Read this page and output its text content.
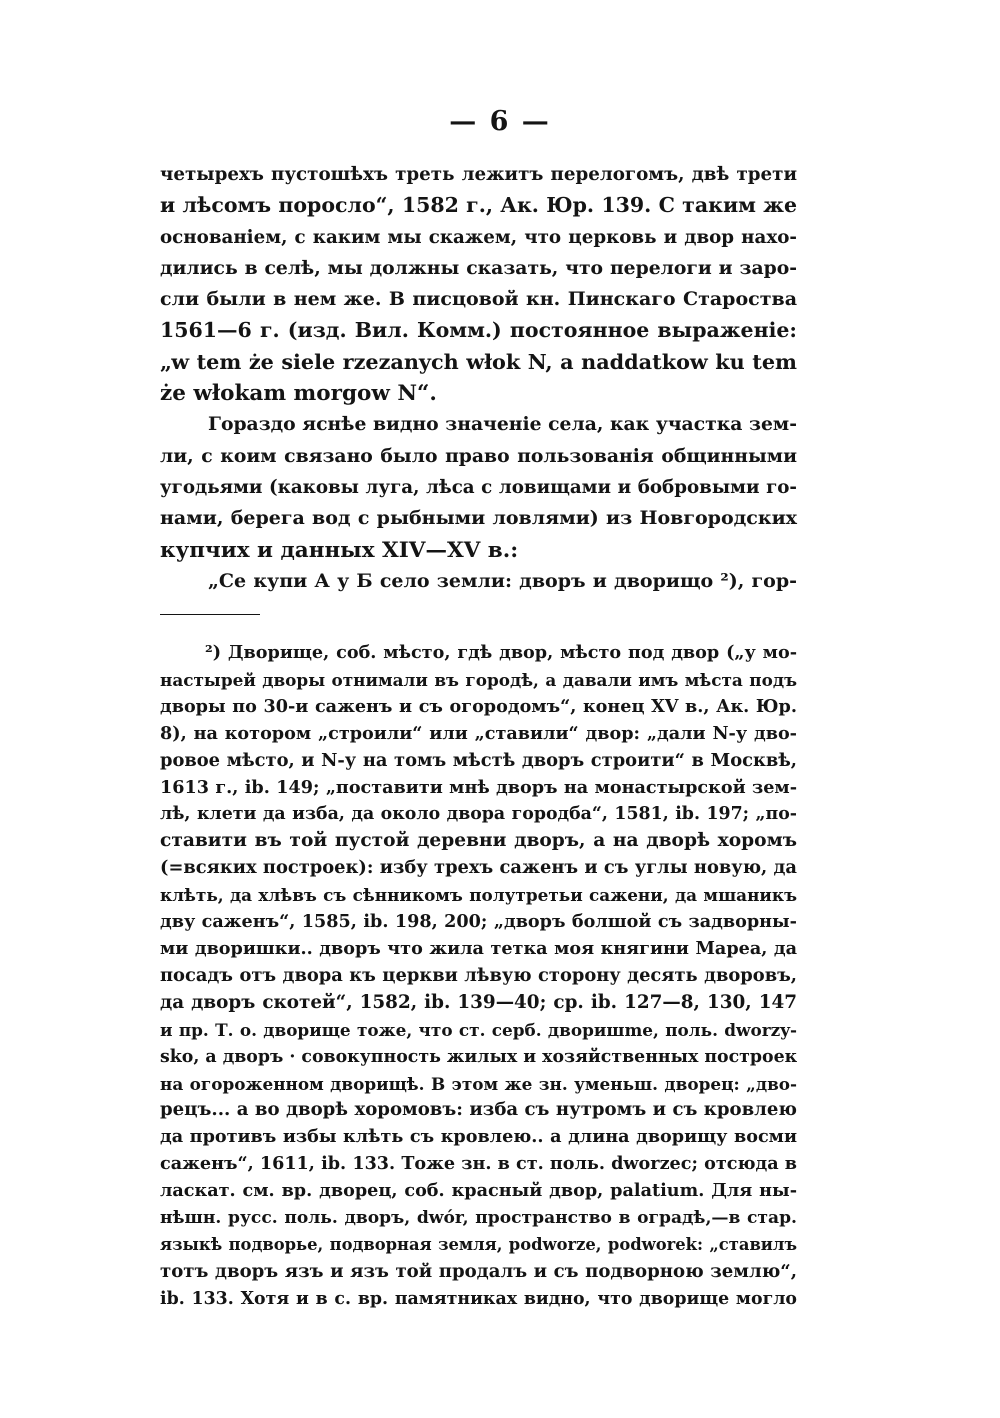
— 6 —
четырехъ пустошѣхъ треть лежитъ перелогомъ, двѣ трети
и лѣсомъ поросло“, 1582 г., Ак. Юр. 139. С таким же
основаніем, с каким мы скажем, что церковь и двор нахо-
дились в селѣ, мы должны сказать, что перелоги и заро-
сли были в нем же. В писцовой кн. Пинскаго Староства
1561—6 г. (изд. Вил. Комм.) постоянное выраженіе:
„w tem że siele rzezanych włok N, a naddatkow ku tem
że włokam morgow N“.
Гораздо яснѣе видно значеніе села, как участка зем-
ли, с коим связано было право пользованія общинными
угодьями (каковы луга, лѣса с ловищами и бобровыми го-
нами, берега вод с рыбными ловлями) из Новгородских
купчих и данных XIV—XV в.:
„Се купи А у Б село земли: дворъ и дворищо ²), гор-
²) Дворище, соб. мѣсто, гдѣ двор, мѣсто под двор („у мо-
настырей дворы отнимали въ городѣ, а давали имъ мѣста подъ
дворы по 30-и саженъ и съ огородомъ“, конец XV в., Ак. Юр.
8), на котором „строили“ или „ставили“ двор: „дали N-у дво-
ровое мѣсто, и N-у на томъ мѣстѣ дворъ строити“ в Москвѣ,
1613 г., ib. 149; „поставити мнѣ дворъ на монастырской зем-
лѣ, клети да изба, да около двора городба“, 1581, ib. 197; „по-
ставити въ той пустой деревни дворъ, а на дворѣ хоромъ
(=всяких построек): избу трехъ саженъ и съ углы новую, да
клѣть, да хлѣвъ съ сѣнникомъ полутретьи сажени, да мшаникъ
дву саженъ“, 1585, ib. 198, 200; „дворъ болшой съ задворны-
ми дворишки.. дворъ что жила тетка моя княгини Мареа, да
посадъ отъ двора къ церкви лѣвую сторону десять дворовъ,
да дворъ скотей“, 1582, ib. 139—40; ср. ib. 127—8, 130, 147
и пр. Т. о. дворище тоже, что ст. серб. дворишmе, поль. dworzy-
sko, а дворъ · совокупность жилых и хозяйственных построек
на огороженном дворищѣ. В этом же зн. уменьш. дворец: „дво-
рецъ... а во дворѣ хоромовъ: изба съ нутромъ и съ кровлею
да противъ избы клѣть съ кровлею.. а длина дворищу восми
саженъ“, 1611, ib. 133. Тоже зн. в ст. поль. dworzec; отсюда в
ласкат. см. вр. дворец, соб. красный двор, palatium. Для ны-
нѣшн. русс. поль. дворъ, dwór, пространство в оградѣ,—в стар.
языкѣ подворье, подворная земля, podworze, podworek: „ставилъ
тотъ дворъ язъ и язъ той продалъ и съ подворною землю“,
ib. 133. Хотя и в с. вр. памятниках видно, что дворище могло
